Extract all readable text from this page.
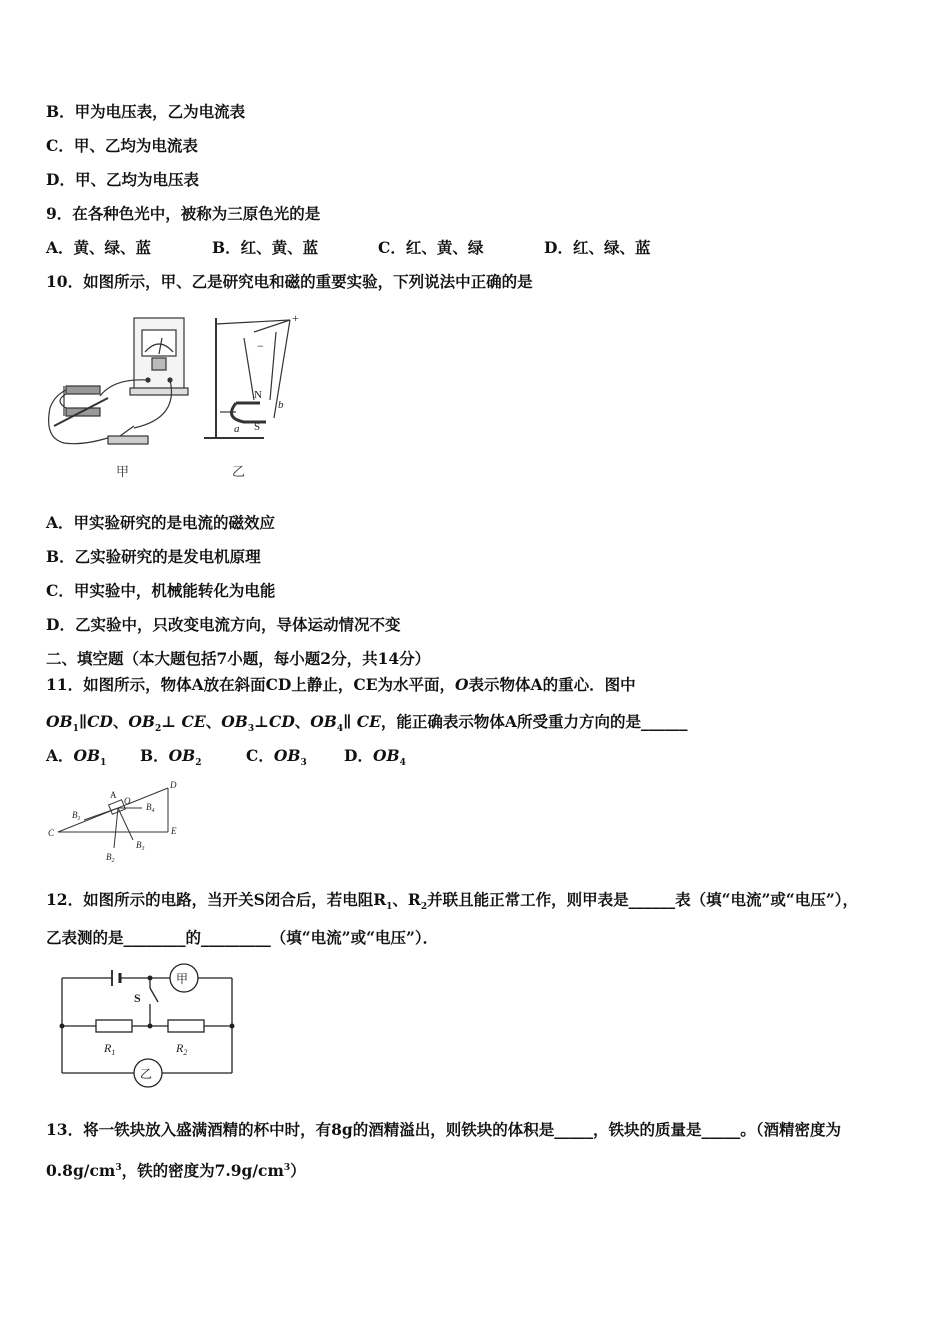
B．甲为电压表，乙为电流表
C．甲、乙均为电流表
D．甲、乙均为电压表
9．在各种色光中，被称为三原色光的是
A．黄、绿、蓝	B．红、黄、蓝	C．红、黄、绿	D．红、绿、蓝
10．如图所示，甲、乙是研究电和磁的重要实验，下列说法中正确的是
+
−
N
S
a
b
甲	乙
A．甲实验研究的是电流的磁效应
B．乙实验研究的是发电机原理
C．甲实验中，机械能转化为电能
D．乙实验中，只改变电流方向，导体运动情况不变
二、填空题（本大题包括7小题，每小题2分，共14分）
11．如图所示，物体A放在斜面CD上静止，CE为水平面，O表示物体A的重心．图中
$OB_1\parallel CD$、$OB_2\perp$ CE、$OB_3\perp CD$、$OB_4\parallel$ CE，能正确表示物体A所受重力方向的是______
A．$OB_1$ B．$OB_2$	C．$OB_3$ D．$OB_4$
A
O
D
C	E
$B_1$
$B_4$
$B_3$
$B_2$
12．如图所示的电路，当开关S闭合后，若电阻$R_1$、$R_2$并联且能正常工作，则甲表是______表（填“电流”或“电压”），
乙表测的是________的_________（填“电流”或“电压”）．
甲
乙
S
$R_1$	$R_2$
13．将一铁块放入盛满酒精的杯中时，有8g的酒精溢出，则铁块的体积是_____，铁块的质量是_____。（酒精密度为
$0.8g/cm^3$，铁的密度为$7.9g/cm^3$）
